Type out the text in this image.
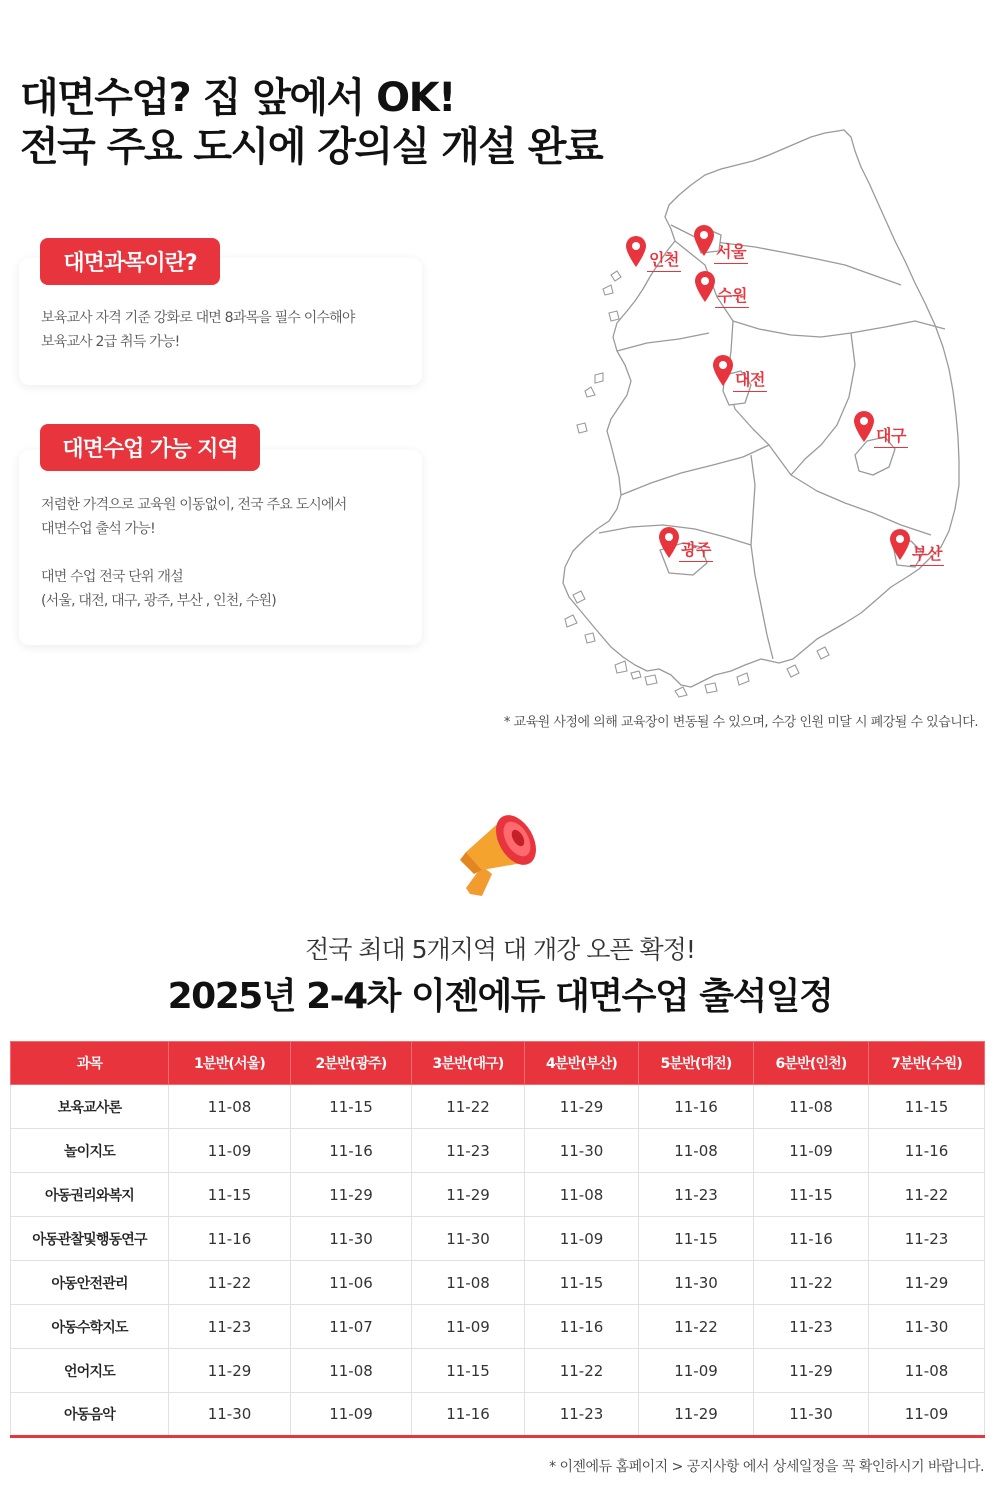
대면수업? 집 앞에서 OK!
전국 주요 도시에 강의실 개설 완료
보육교사 자격 기준 강화로 대면 8과목을 필수 이수해야
보육교사 2급 취득 가능!
대면과목이란?
저렴한 가격으로 교육원 이동없이, 전국 주요 도시에서
대면수업 출석 가능!
대면 수업 전국 단위 개설
(서울, 대전, 대구, 광주, 부산 , 인천, 수원)
대면수업 가능 지역
인천 서울
수원
대전
대구
광주	부산
* 교육원 사정에 의해 교육장이 변동될 수 있으며, 수강 인원 미달 시 폐강될 수 있습니다.
전국 최대 5개지역 대 개강 오픈 확정!
2025년 2-4차 이젠에듀 대면수업 출석일정
과목	1분반(서울)	2분반(광주)	3분반(대구)	4분반(부산)	5분반(대전)	6분반(인천)	7분반(수원)
보육교사론	11-08	11-15	11-22	11-29	11-16	11-08	11-15
놀이지도	11-09	11-16	11-23	11-30	11-08	11-09	11-16
아동권리와복지	11-15	11-29	11-29	11-08	11-23	11-15	11-22
아동관찰및행동연구	11-16	11-30	11-30	11-09	11-15	11-16	11-23
아동안전관리	11-22	11-06	11-08	11-15	11-30	11-22	11-29
아동수학지도	11-23	11-07	11-09	11-16	11-22	11-23	11-30
언어지도	11-29	11-08	11-15	11-22	11-09	11-29	11-08
아동음악	11-30	11-09	11-16	11-23	11-29	11-30	11-09
* 이젠에듀 홈페이지 > 공지사항 에서 상세일정을 꼭 확인하시기 바랍니다.
